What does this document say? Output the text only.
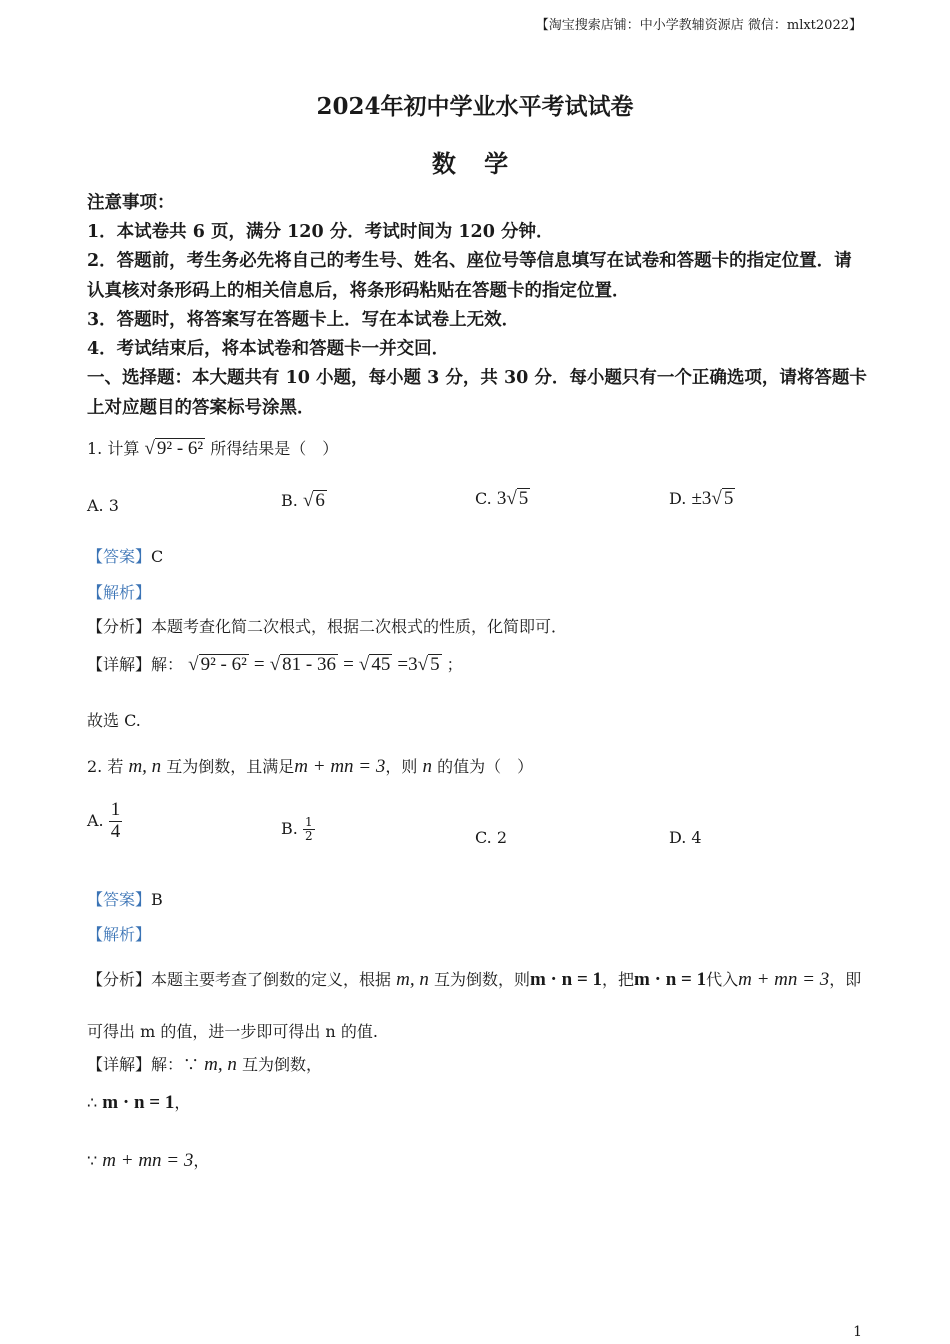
【淘宝搜索店铺：中小学教辅资源店 微信：mlxt2022】
2024年初中学业水平考试试卷
数 学
注意事项：
1．本试卷共 6 页，满分 120 分．考试时间为 120 分钟．
2．答题前，考生务必先将自己的考生号、姓名、座位号等信息填写在试卷和答题卡的指定位置．请认真核对条形码上的相关信息后，将条形码粘贴在答题卡的指定位置．
3．答题时，将答案写在答题卡上．写在本试卷上无效．
4．考试结束后，将本试卷和答题卡一并交回．
一、选择题：本大题共有 10 小题，每小题 3 分，共 30 分．每小题只有一个正确选项，请将答题卡上对应题目的答案标号涂黑．
1. 计算 √ 9² - 6² 所得结果是（　）
A. 3	B. √ 6	C. 3√ 5	D. ±3√ 5
【答案】C
【解析】
【分析】本题考查化简二次根式，根据二次根式的性质，化简即可．
【详解】解： √ 9² - 6² = √ 81 - 36 = √ 45 =3√ 5 ；
故选 C.
2. 若 m, n 互为倒数，且满足m + mn = 3，则 n 的值为（　）
A. $\frac{1}{4}$	B. $\frac{1}{2}$	C. 2	D. 4
【答案】B
【解析】
【分析】本题主要考查了倒数的定义，根据 m, n 互为倒数，则m · n = 1，把m · n = 1代入m + mn = 3，即
可得出 m 的值，进一步即可得出 n 的值.
【详解】解：∵ m, n 互为倒数，
∴ m · n = 1，
∵ m + mn = 3，
1
